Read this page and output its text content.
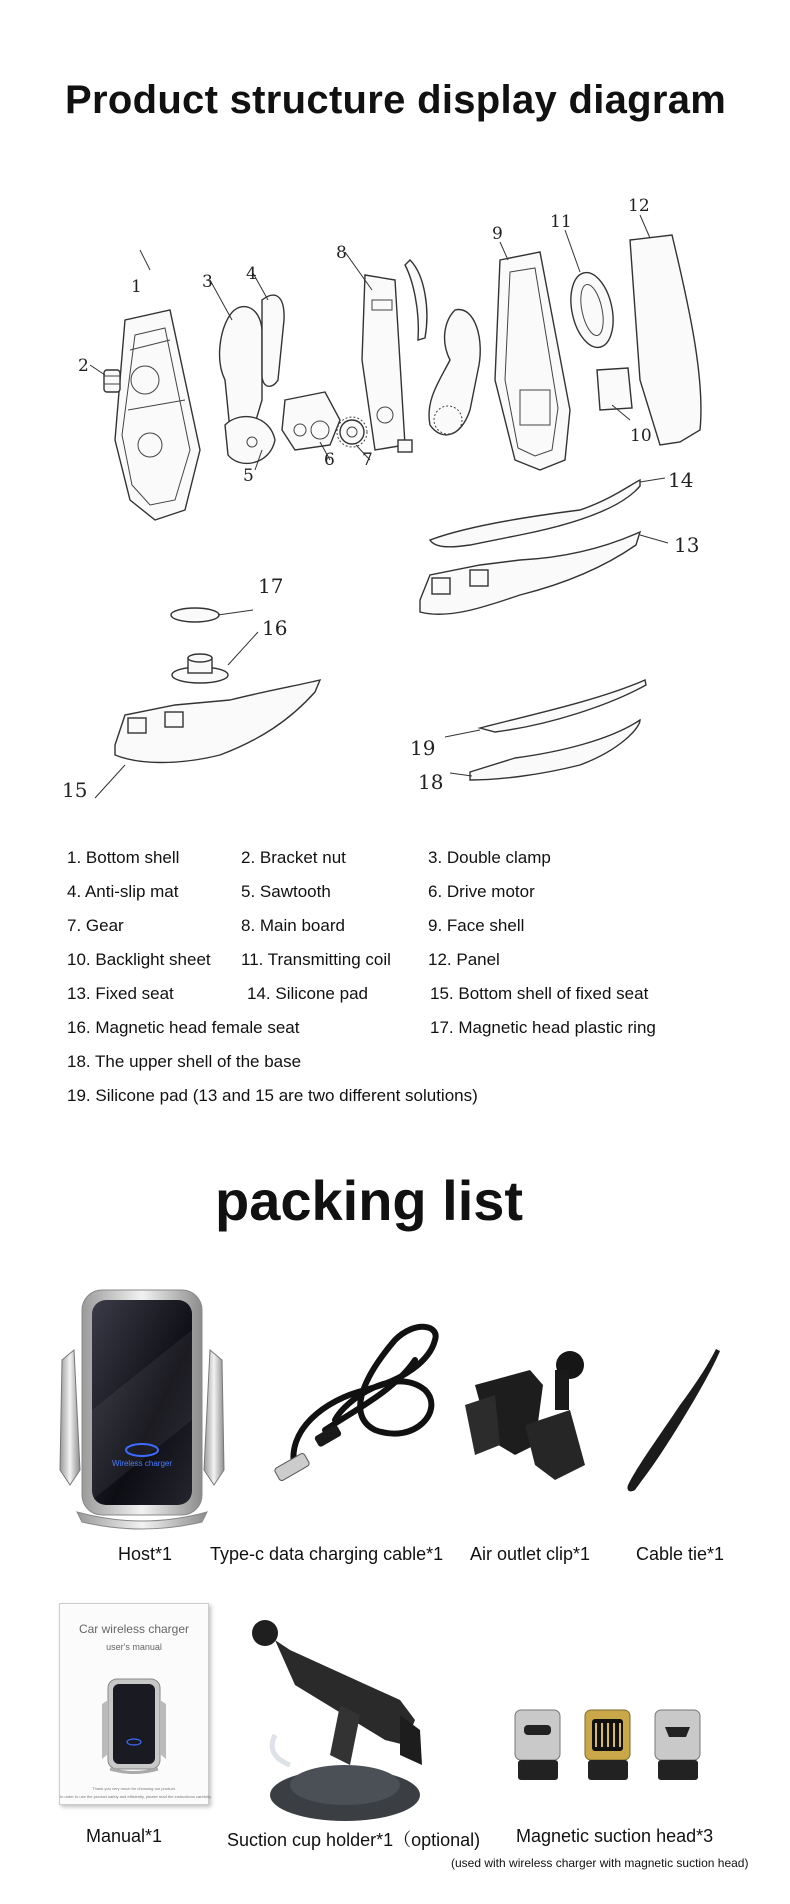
Product structure display diagram
1
2
3 4
5
6 7
8
9
10
11
12
13
14
15
16
17
18
19
1. Bottom shell	2. Bracket nut	3. Double clamp
4. Anti-slip mat	5. Sawtooth	6. Drive motor
7. Gear	8. Main board	9. Face shell
10. Backlight sheet 11. Transmitting coil 12. Panel
13. Fixed seat	14. Silicone pad	15. Bottom shell of fixed seat
16. Magnetic head female seat	17. Magnetic head plastic ring
18. The upper shell of the base
19. Silicone pad (13 and 15 are two different solutions)
packing list
Wireless charger
Host*1 Type-c data charging cable*1 Air outlet clip*1	Cable tie*1
Car wireless charger
user's manual
Thank you very much for choosing our product.
In order to use the product safely and efficiently, please read the instructions carefully.
Manual*1	Suction cup holder*1（optional) Magnetic suction head*3
(used with wireless charger with magnetic suction head)
